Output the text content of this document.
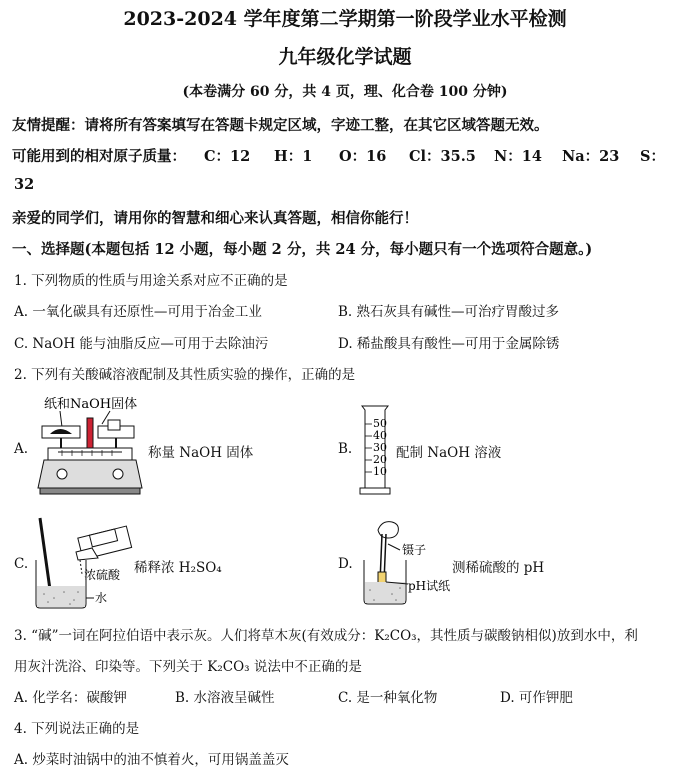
2023-2024 学年度第二学期第一阶段学业水平检测
九年级化学试题
(本卷满分 60 分，共 4 页，理、化合卷 100 分钟)
友情提醒：请将所有答案填写在答题卡规定区域，字迹工整，在其它区域答题无效。
可能用到的相对原子质量： C：12 H：1 O：16 Cl：35.5 N：14 Na：23 S：
32
亲爱的同学们，请用你的智慧和细心来认真答题，相信你能行！
一、选择题(本题包括 12 小题，每小题 2 分，共 24 分，每小题只有一个选项符合题意。)
1. 下列物质的性质与用途关系对应不正确的是
A. 一氧化碳具有还原性—可用于冶金工业	B. 熟石灰具有碱性—可治疗胃酸过多
C. NaOH 能与油脂反应—可用于去除油污	D. 稀盐酸具有酸性—可用于金属除锈
2. 下列有关酸碱溶液配制及其性质实验的操作，正确的是
A.
纸和NaOH固体
称量 NaOH 固体	B.
50
40
30
20
10
配制 NaOH 溶液
C.
浓硫酸
水
稀释浓 H₂SO₄	D.
镊子
pH试纸
测稀硫酸的 pH
3. “碱”一词在阿拉伯语中表示灰。人们将草木灰(有效成分：K₂CO₃，其性质与碳酸钠相似)放到水中，利
用灰汁洗浴、印染等。下列关于 K₂CO₃ 说法中不正确的是
A. 化学名：碳酸钾	B. 水溶液呈碱性	C. 是一种氧化物	D. 可作钾肥
4. 下列说法正确的是
A. 炒菜时油锅中的油不慎着火，可用锅盖盖灭
